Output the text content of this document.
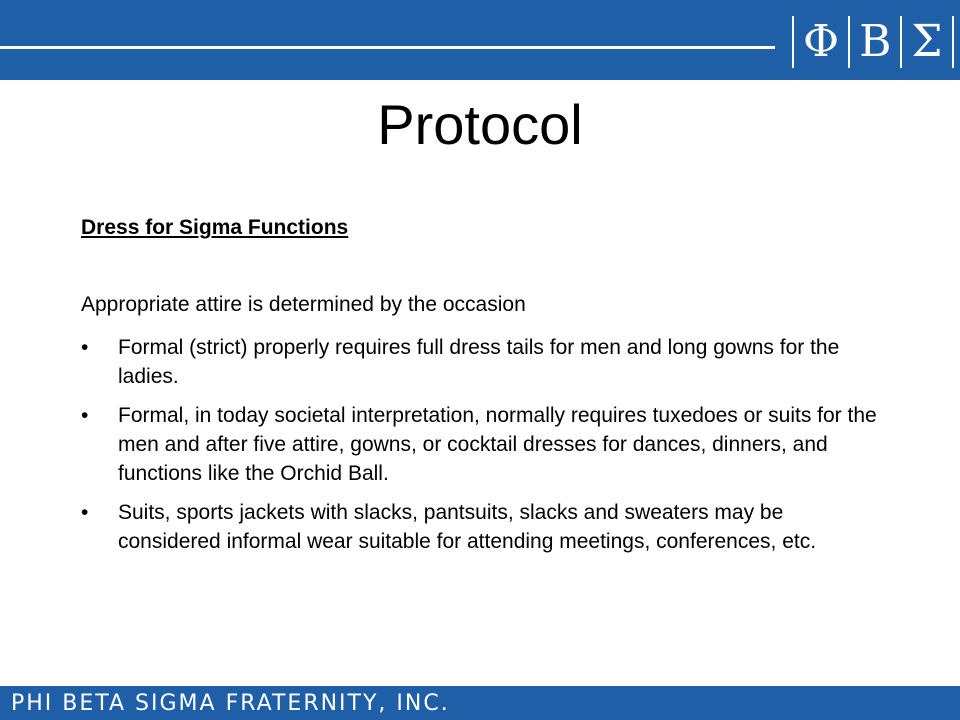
Φ Β Σ
Protocol
Dress for Sigma Functions
Appropriate attire is determined by the occasion
• Formal (strict) properly requires full dress tails for men and long gowns for the ladies.
• Formal, in today societal interpretation, normally requires tuxedoes or suits for the men and after five attire, gowns, or cocktail dresses for dances, dinners, and functions like the Orchid Ball.
• Suits, sports jackets with slacks, pantsuits, slacks and sweaters may be considered informal wear suitable for attending meetings, conferences, etc.
PHI BETA SIGMA FRATERNITY, INC.
